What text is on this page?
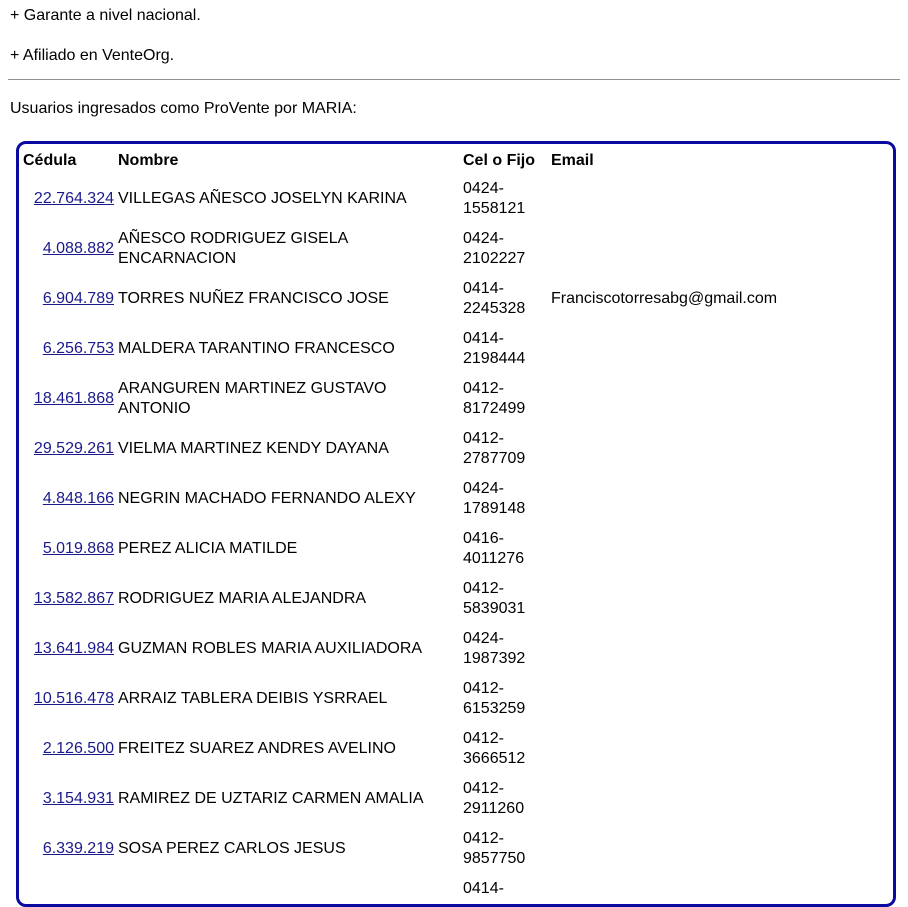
+ Garante a nivel nacional.

+ Afiliado en VenteOrg.

Usuarios ingresados como ProVente por MARIA:

Cédula	Nombre	Cel o Fijo	Email
22.764.324	VILLEGAS AÑESCO JOSELYN KARINA	0424-1558121	
4.088.882	AÑESCO RODRIGUEZ GISELA ENCARNACION	0424-2102227	
6.904.789	TORRES NUÑEZ FRANCISCO JOSE	0414-2245328	Franciscotorresabg@gmail.com
6.256.753	MALDERA TARANTINO FRANCESCO	0414-2198444	
18.461.868	ARANGUREN MARTINEZ GUSTAVO ANTONIO	0412-8172499	
29.529.261	VIELMA MARTINEZ KENDY DAYANA	0412-2787709	
4.848.166	NEGRIN MACHADO FERNANDO ALEXY	0424-1789148	
5.019.868	PEREZ ALICIA MATILDE	0416-4011276	
13.582.867	RODRIGUEZ MARIA ALEJANDRA	0412-5839031	
13.641.984	GUZMAN ROBLES MARIA AUXILIADORA	0424-1987392	
10.516.478	ARRAIZ TABLERA DEIBIS YSRRAEL	0412-6153259	
2.126.500	FREITEZ SUAREZ ANDRES AVELINO	0412-3666512	
3.154.931	RAMIREZ DE UZTARIZ CARMEN AMALIA	0412-2911260	
6.339.219	SOSA PEREZ CARLOS JESUS	0412-9857750	
		0414-	
